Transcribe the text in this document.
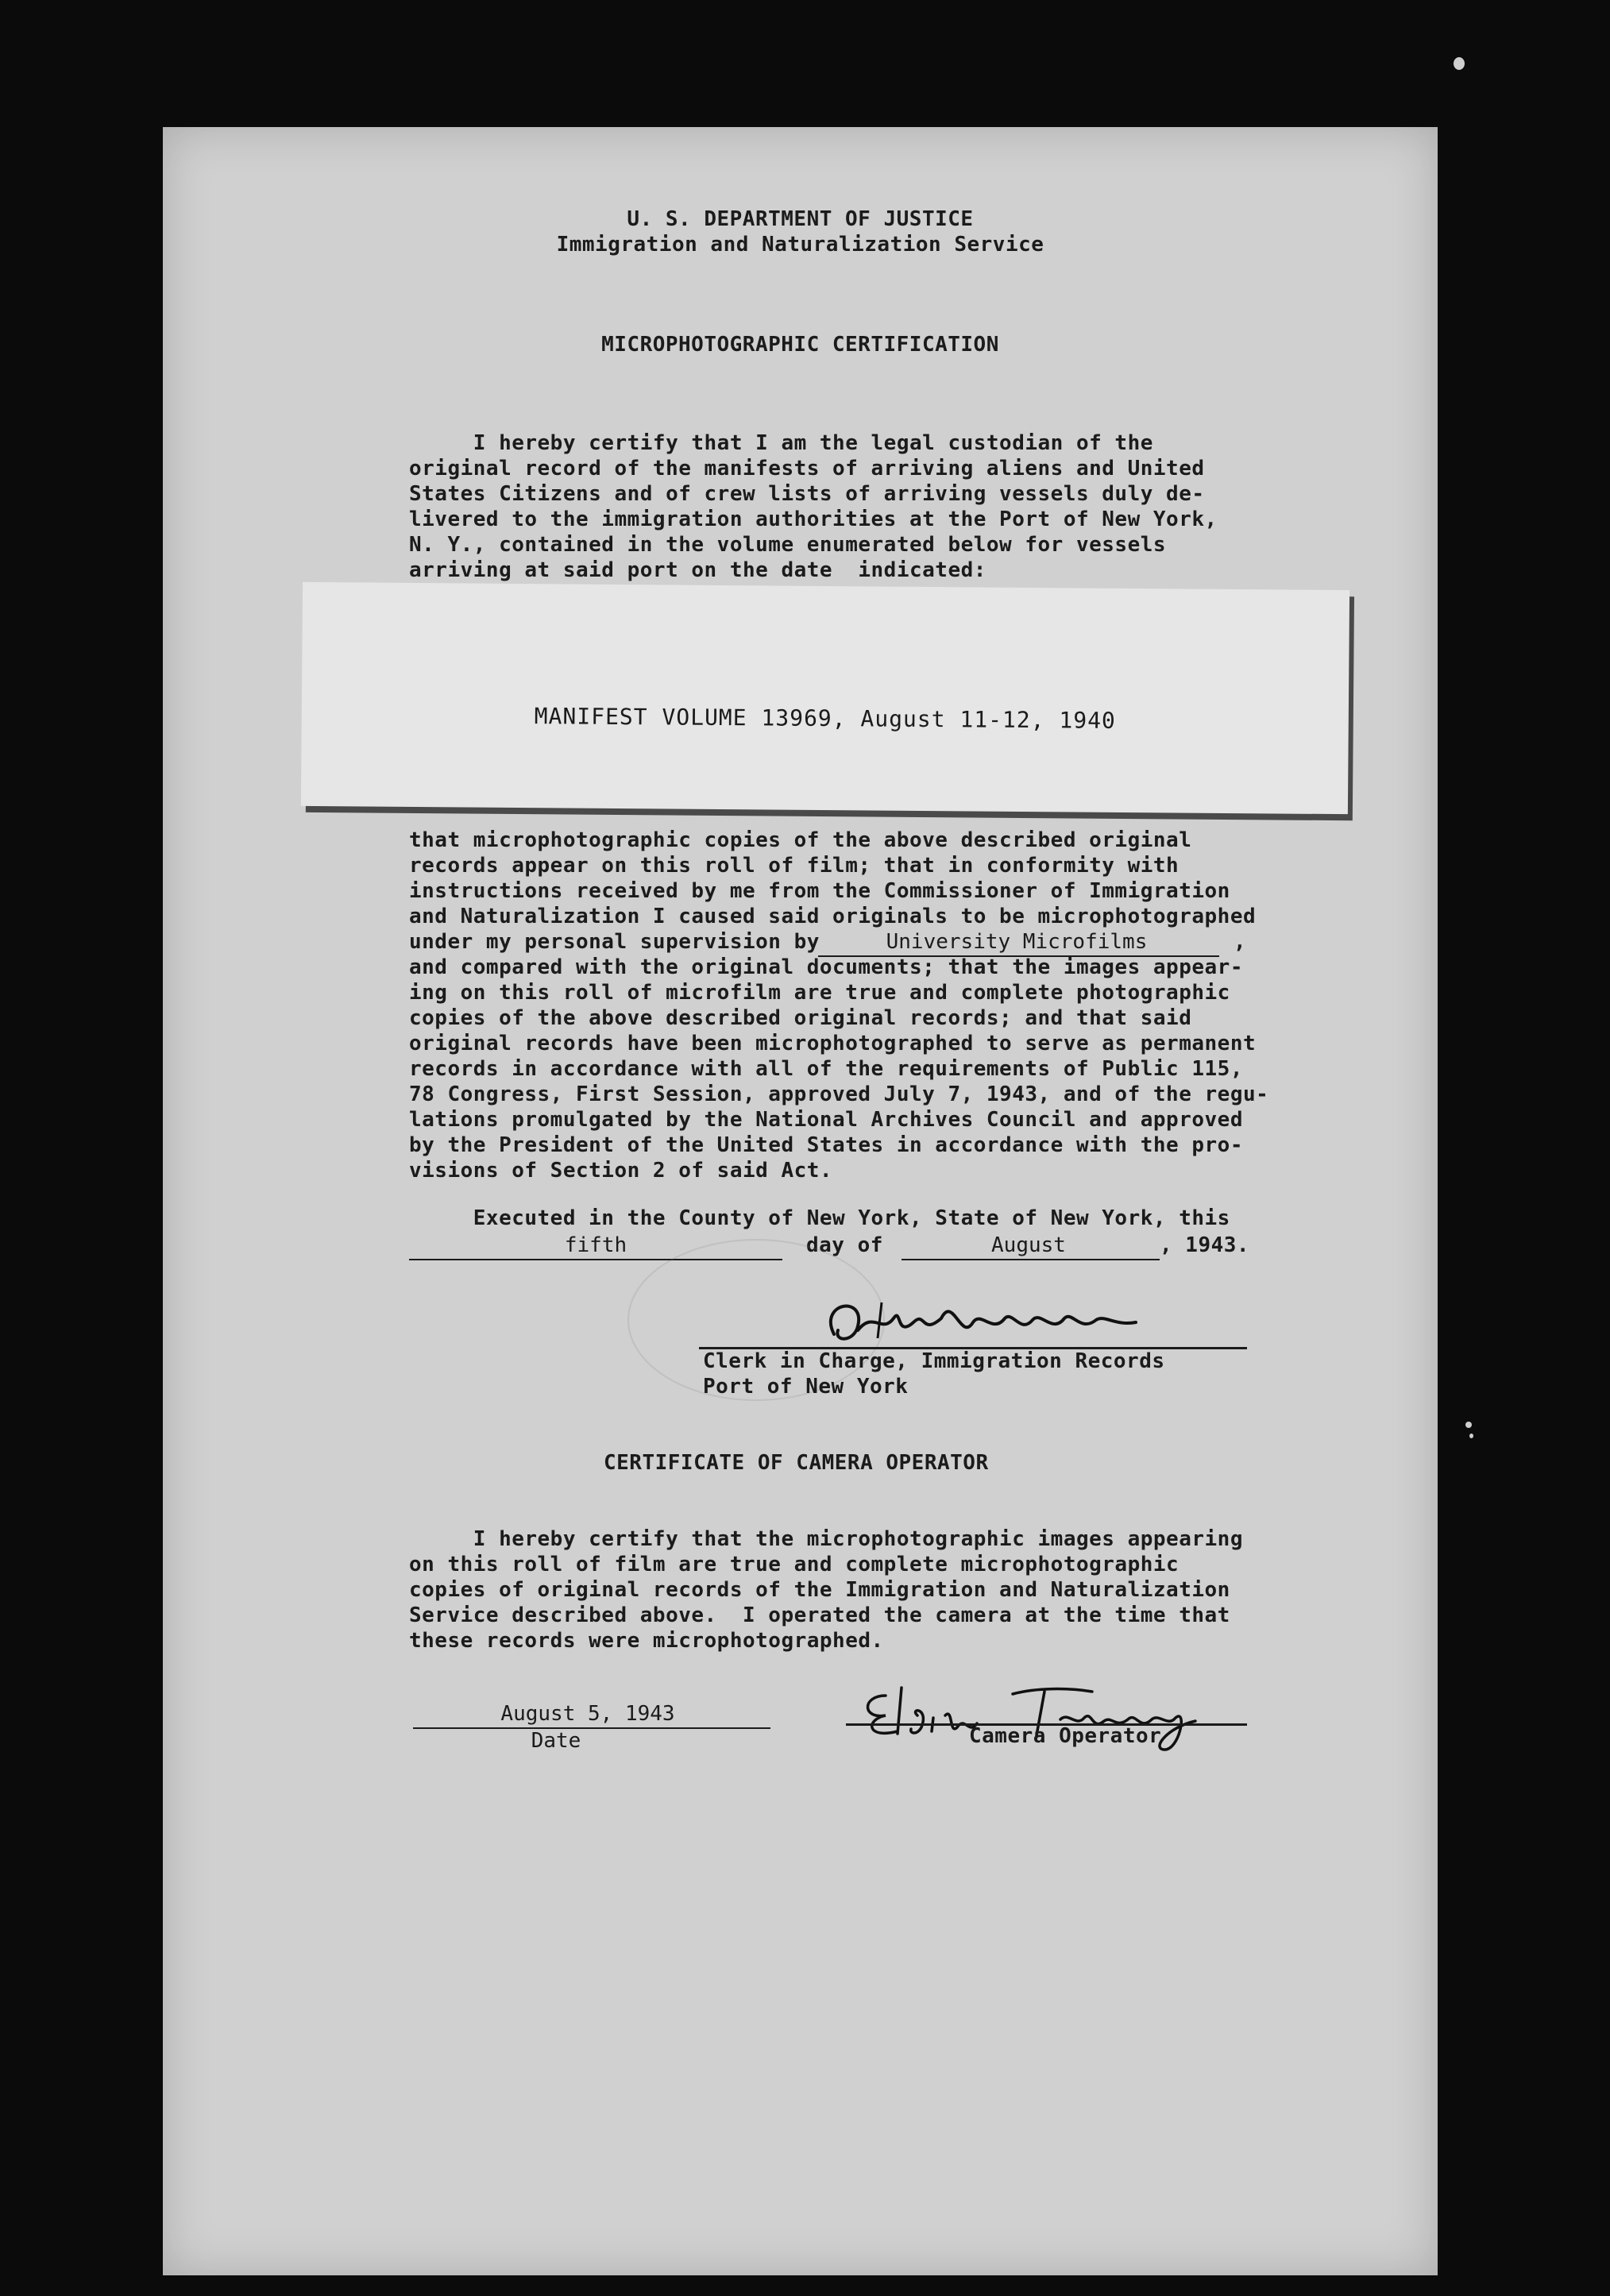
U. S. DEPARTMENT OF JUSTICE
Immigration and Naturalization Service
MICROPHOTOGRAPHIC CERTIFICATION
I hereby certify that I am the legal custodian of the
original record of the manifests of arriving aliens and United
States Citizens and of crew lists of arriving vessels duly de-
livered to the immigration authorities at the Port of New York,
N. Y., contained in the volume enumerated below for vessels
arriving at said port on the date  indicated:
MANIFEST VOLUME 13969, August 11-12, 1940
that microphotographic copies of the above described original
records appear on this roll of film; that in conformity with
instructions received by me from the Commissioner of Immigration
and Naturalization I caused said originals to be microphotographed
under my personal supervision by	University Microfilms	,
and compared with the original documents; that the images appear-
ing on this roll of microfilm are true and complete photographic
copies of the above described original records; and that said
original records have been microphotographed to serve as permanent
records in accordance with all of the requirements of Public 115,
78 Congress, First Session, approved July 7, 1943, and of the regu-
lations promulgated by the National Archives Council and approved
by the President of the United States in accordance with the pro-
visions of Section 2 of said Act.
Executed in the County of New York, State of New York, this
fifth	day of	August	, 1943.
Clerk in Charge, Immigration Records
Port of New York
CERTIFICATE OF CAMERA OPERATOR
I hereby certify that the microphotographic images appearing
on this roll of film are true and complete microphotographic
copies of original records of the Immigration and Naturalization
Service described above.  I operated the camera at the time that
these records were microphotographed.
August 5, 1943
Date	Camera Operator
